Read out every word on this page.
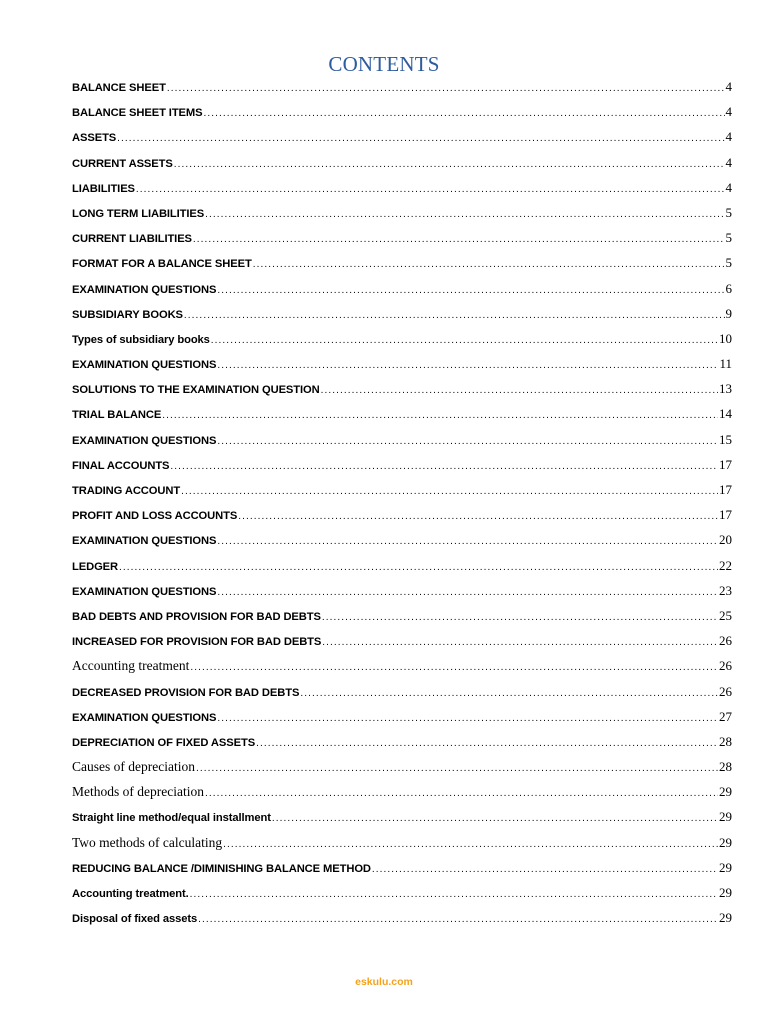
CONTENTS
BALANCE SHEET .....	4
BALANCE SHEET ITEMS .....	4
ASSETS .....	4
CURRENT ASSETS .....	4
LIABILITIES .....	4
LONG TERM LIABILITIES .....	5
CURRENT LIABILITIES .....	5
FORMAT FOR A BALANCE SHEET .....	5
EXAMINATION QUESTIONS .....	6
SUBSIDIARY BOOKS .....	9
Types of subsidiary books .....	10
EXAMINATION QUESTIONS .....	11
SOLUTIONS TO THE EXAMINATION QUESTION .....	13
TRIAL BALANCE .....	14
EXAMINATION QUESTIONS .....	15
FINAL ACCOUNTS .....	17
TRADING ACCOUNT .....	17
PROFIT AND LOSS ACCOUNTS .....	17
EXAMINATION QUESTIONS .....	20
LEDGER .....	22
EXAMINATION QUESTIONS .....	23
BAD DEBTS AND PROVISION FOR BAD DEBTS .....	25
INCREASED FOR PROVISION FOR BAD DEBTS .....	26
Accounting treatment .....	26
DECREASED PROVISION FOR BAD DEBTS .....	26
EXAMINATION QUESTIONS .....	27
DEPRECIATION OF FIXED ASSETS .....	28
Causes of depreciation .....	28
Methods of depreciation .....	29
Straight line method/equal installment .....	29
Two methods of calculating .....	29
REDUCING BALANCE /DIMINISHING BALANCE METHOD .....	29
Accounting treatment. .....	29
Disposal of fixed assets .....	29
eskulu.com
